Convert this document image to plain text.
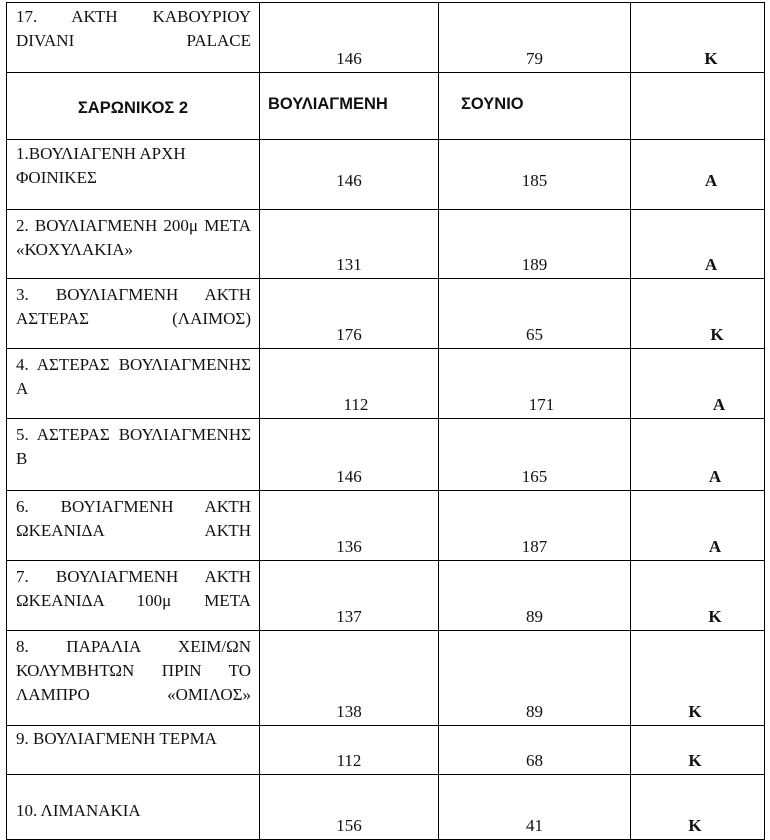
17. ΑΚΤΗ ΚΑΒΟΥΡΙΟΥ DIVANI PALACE	146	79	Κ

ΣΑΡΩΝΙΚΟΣ 2	ΒΟΥΛΙΑΓΜΕΝΗ	ΣΟΥΝΙΟ	

1.ΒΟΥΛΙΑΓΕΝΗ ΑΡΧΗ ΦΟΙΝΙΚΕΣ	146	185	Α

2. ΒΟΥΛΙΑΓΜΕΝΗ 200μ ΜΕΤΑ «ΚΟΧΥΛΑΚΙΑ»	131	189	Α

3. ΒΟΥΛΙΑΓΜΕΝΗ ΑΚΤΗ ΑΣΤΕΡΑΣ (ΛΑΙΜΟΣ)	176	65	Κ

4. ΑΣΤΕΡΑΣ ΒΟΥΛΙΑΓΜΕΝΗΣ Α	112	171	Α

5. ΑΣΤΕΡΑΣ ΒΟΥΛΙΑΓΜΕΝΗΣ Β	146	165	Α

6. ΒΟΥΙΑΓΜΕΝΗ ΑΚΤΗ ΩΚΕΑΝΙΔΑ ΑΚΤΗ	136	187	Α

7. ΒΟΥΛΙΑΓΜΕΝΗ ΑΚΤΗ ΩΚΕΑΝΙΔΑ 100μ ΜΕΤΑ	137	89	Κ

8. ΠΑΡΑΛΙΑ ΧΕΙΜ/ΩΝ ΚΟΛΥΜΒΗΤΩΝ ΠΡΙΝ ΤΟ ΛΑΜΠΡΟ «ΟΜΙΛΟΣ»	138	89	Κ

9. ΒΟΥΛΙΑΓΜΕΝΗ ΤΕΡΜΑ	112	68	Κ

10. ΛΙΜΑΝΑΚΙΑ	156	41	Κ
